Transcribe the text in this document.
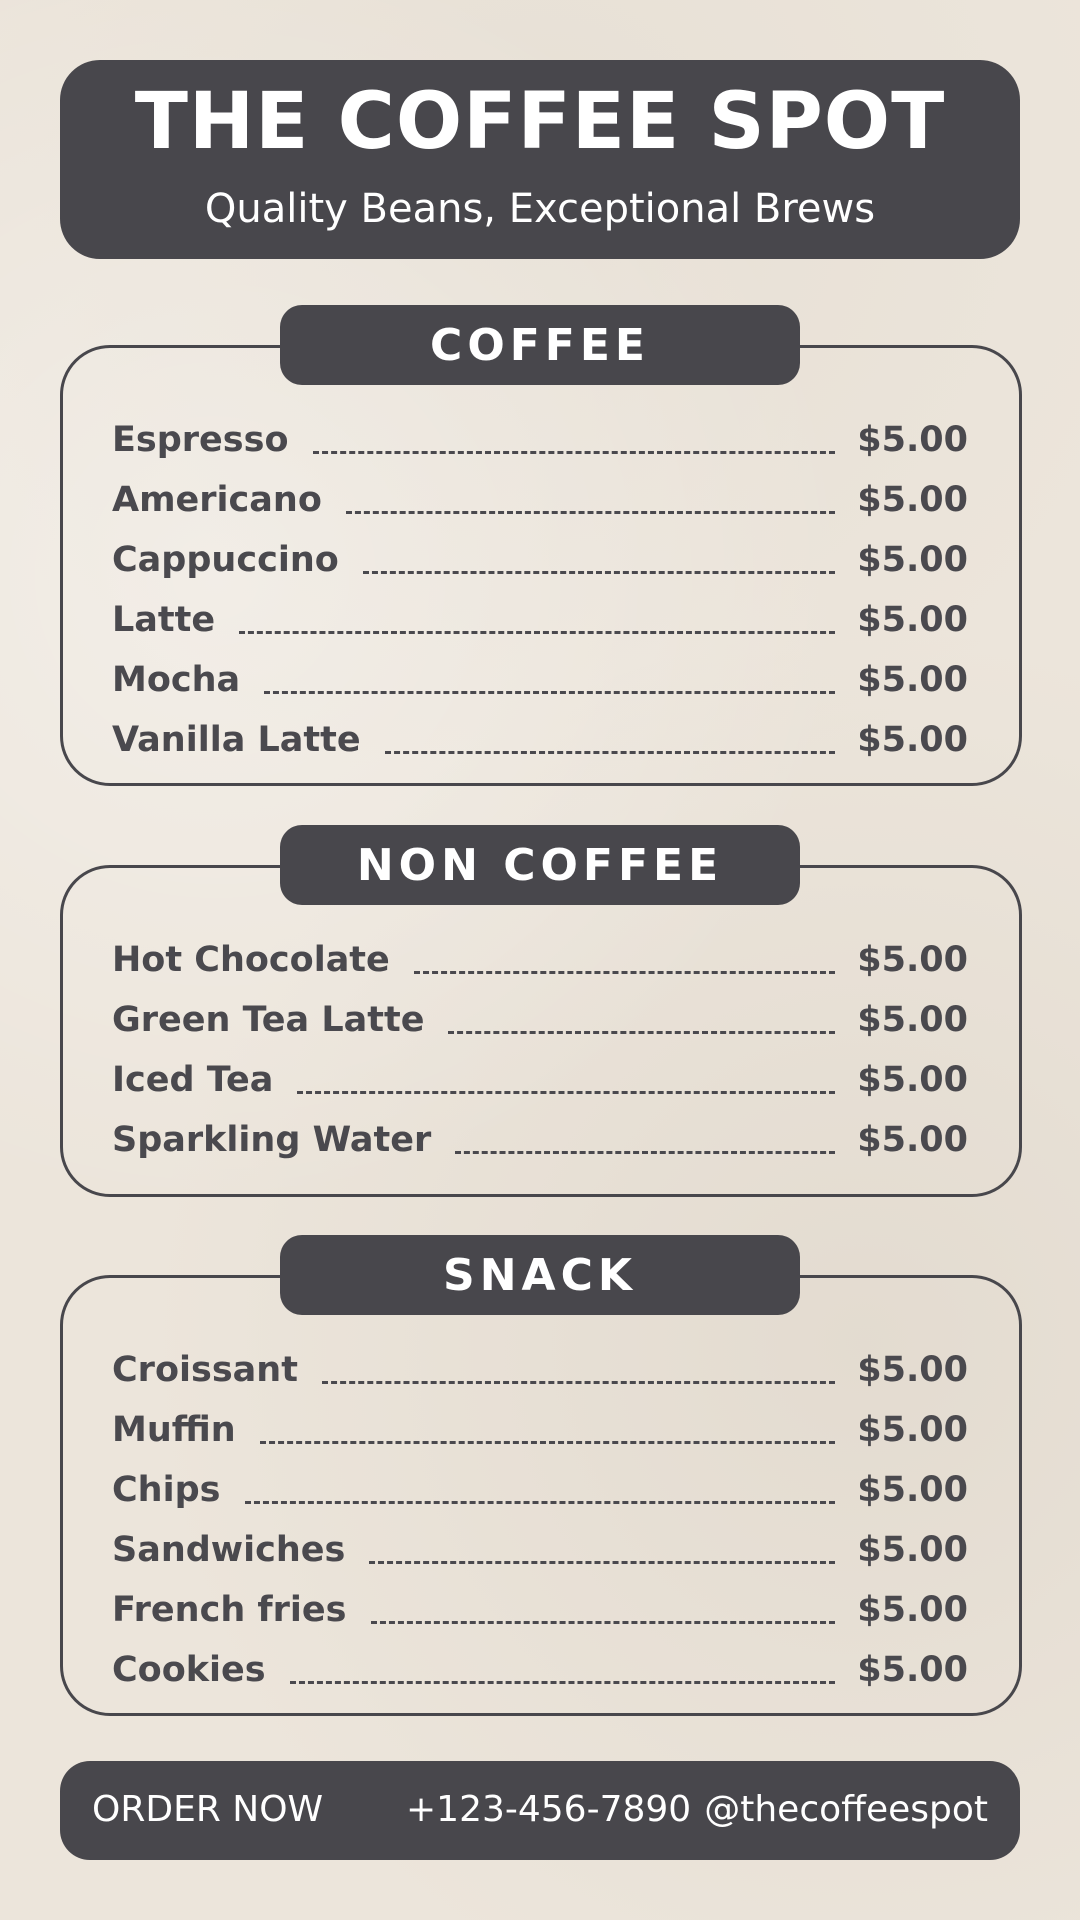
THE COFFEE SPOT
Quality Beans, Exceptional Brews
COFFEE
Espresso	$5.00
Americano	$5.00
Cappuccino	$5.00
Latte	$5.00
Mocha	$5.00
Vanilla Latte	$5.00
NON COFFEE
Hot Chocolate	$5.00
Green Tea Latte	$5.00
Iced Tea	$5.00
Sparkling Water	$5.00
SNACK
Croissant	$5.00
Muffin	$5.00
Chips	$5.00
Sandwiches	$5.00
French fries	$5.00
Cookies	$5.00
ORDER NOW +123-456-7890 @thecoffeespot
